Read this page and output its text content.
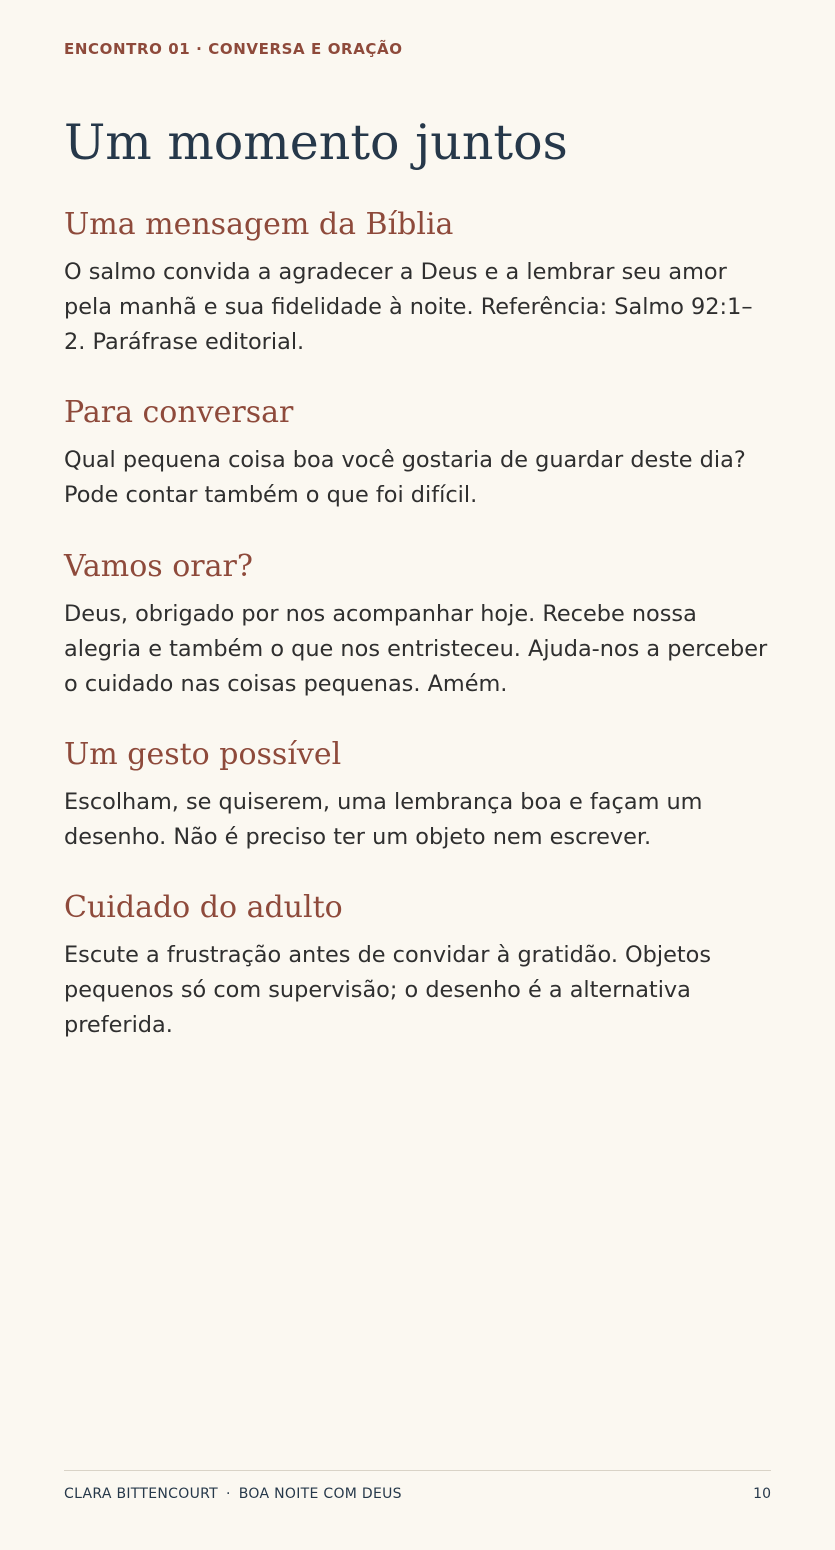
ENCONTRO 01 · CONVERSA E ORAÇÃO
Um momento juntos
Uma mensagem da Bíblia

O salmo convida a agradecer a Deus e a lembrar seu amor pela manhã e sua fidelidade à noite. Referência: Salmo 92:1–2. Paráfrase editorial.

Para conversar

Qual pequena coisa boa você gostaria de guardar deste dia? Pode contar também o que foi difícil.

Vamos orar?

Deus, obrigado por nos acompanhar hoje. Recebe nossa alegria e também o que nos entristeceu. Ajuda-nos a perceber o cuidado nas coisas pequenas. Amém.

Um gesto possível

Escolham, se quiserem, uma lembrança boa e façam um desenho. Não é preciso ter um objeto nem escrever.

Cuidado do adulto

Escute a frustração antes de convidar à gratidão. Objetos pequenos só com supervisão; o desenho é a alternativa preferida.

CLARA BITTENCOURT · BOA NOITE COM DEUS	10
